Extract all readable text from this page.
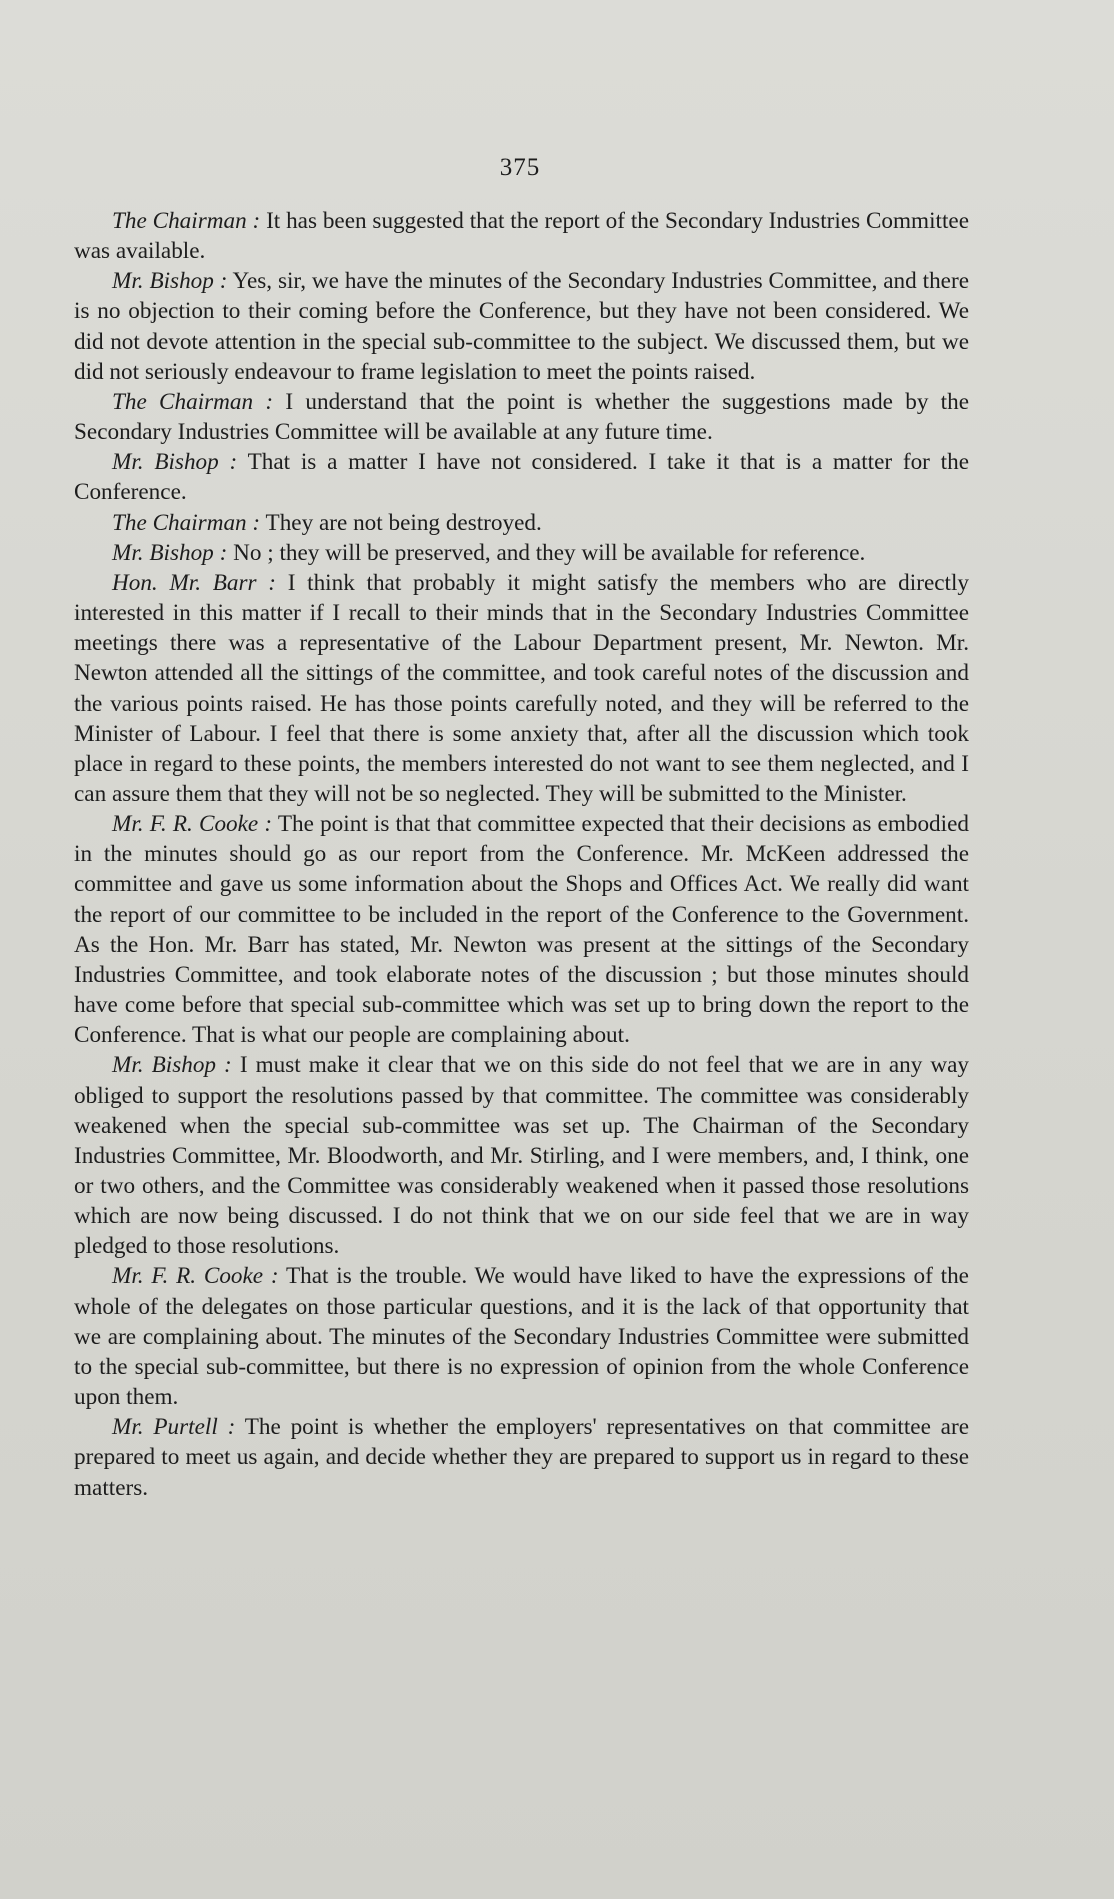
375

The Chairman : It has been suggested that the report of the Secondary Industries Committee was available.

Mr. Bishop : Yes, sir, we have the minutes of the Secondary Industries Committee, and there is no objection to their coming before the Conference, but they have not been considered. We did not devote attention in the special sub-committee to the subject. We discussed them, but we did not seriously endeavour to frame legislation to meet the points raised.

The Chairman : I understand that the point is whether the suggestions made by the Secondary Industries Committee will be available at any future time.

Mr. Bishop : That is a matter I have not considered. I take it that is a matter for the Conference.

The Chairman : They are not being destroyed.

Mr. Bishop : No ; they will be preserved, and they will be available for reference.

Hon. Mr. Barr : I think that probably it might satisfy the members who are directly interested in this matter if I recall to their minds that in the Secondary Industries Committee meetings there was a representative of the Labour Department present, Mr. Newton. Mr. Newton attended all the sittings of the committee, and took careful notes of the discussion and the various points raised. He has those points carefully noted, and they will be referred to the Minister of Labour. I feel that there is some anxiety that, after all the discussion which took place in regard to these points, the members interested do not want to see them neglected, and I can assure them that they will not be so neglected. They will be submitted to the Minister.

Mr. F. R. Cooke : The point is that that committee expected that their decisions as embodied in the minutes should go as our report from the Conference. Mr. McKeen addressed the committee and gave us some information about the Shops and Offices Act. We really did want the report of our committee to be included in the report of the Conference to the Government. As the Hon. Mr. Barr has stated, Mr. Newton was present at the sittings of the Secondary Industries Committee, and took elaborate notes of the discussion ; but those minutes should have come before that special sub-committee which was set up to bring down the report to the Conference. That is what our people are complaining about.

Mr. Bishop : I must make it clear that we on this side do not feel that we are in any way obliged to support the resolutions passed by that committee. The committee was considerably weakened when the special sub-committee was set up. The Chairman of the Secondary Industries Committee, Mr. Bloodworth, and Mr. Stirling, and I were members, and, I think, one or two others, and the Committee was considerably weakened when it passed those resolutions which are now being discussed. I do not think that we on our side feel that we are in way pledged to those resolutions.

Mr. F. R. Cooke : That is the trouble. We would have liked to have the expressions of the whole of the delegates on those particular questions, and it is the lack of that opportunity that we are complaining about. The minutes of the Secondary Industries Committee were submitted to the special sub-committee, but there is no expression of opinion from the whole Conference upon them.

Mr. Purtell : The point is whether the employers' representatives on that committee are prepared to meet us again, and decide whether they are prepared to support us in regard to these matters.
